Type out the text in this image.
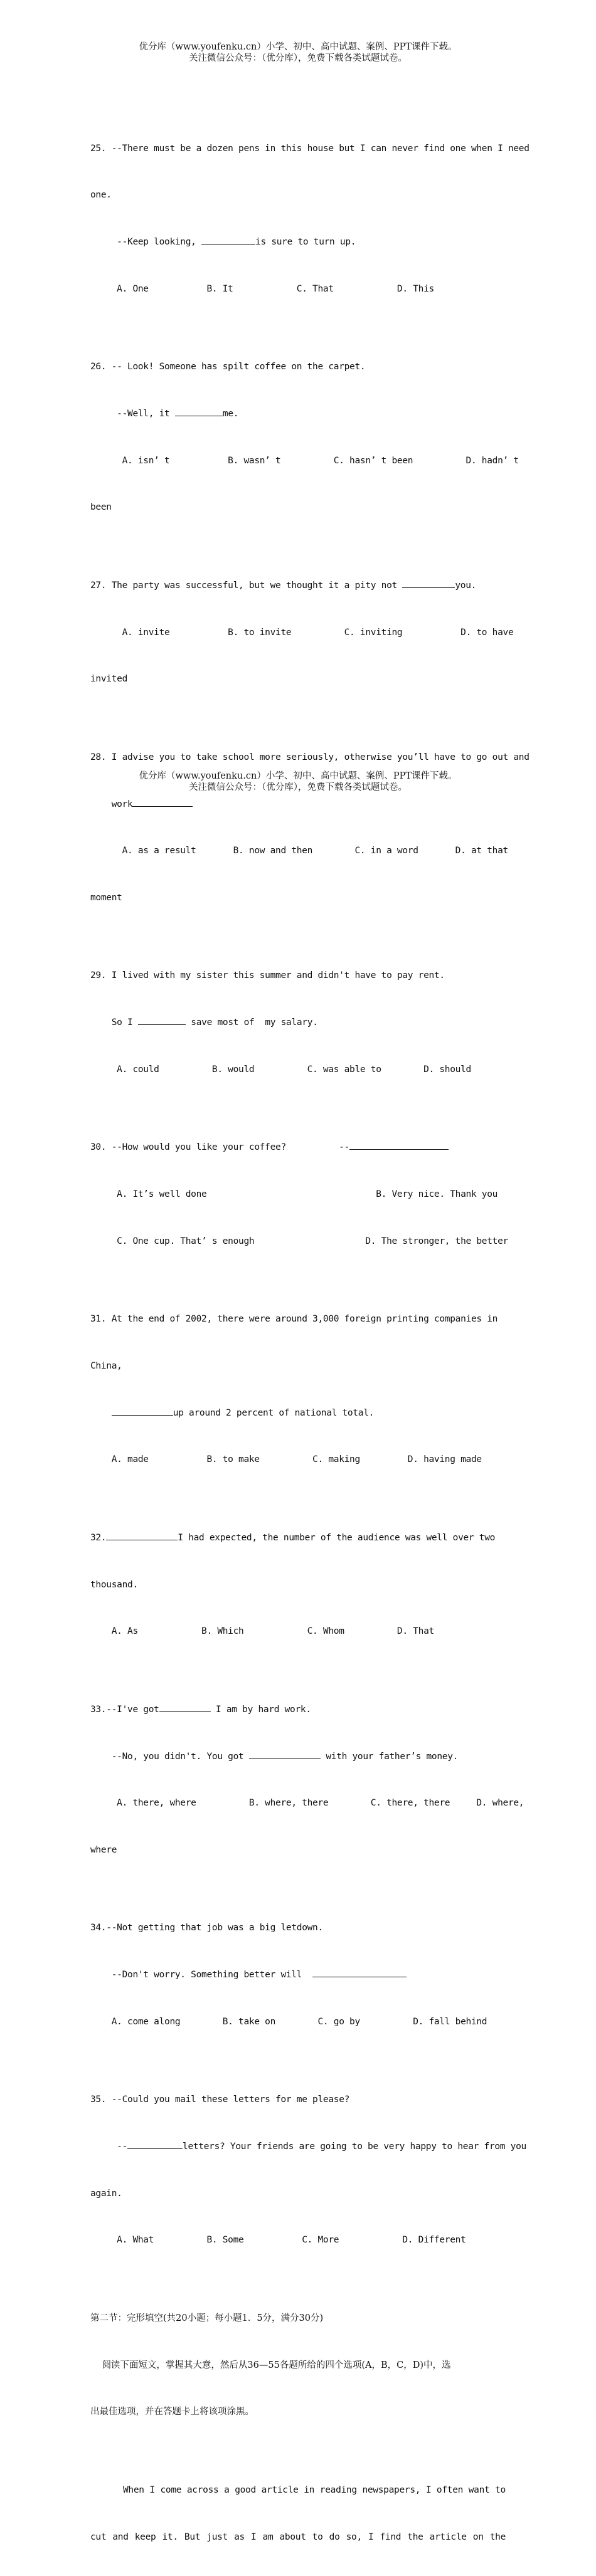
优分库（www.youfenku.cn）小学、初中、高中试题、案例、PPT课件下载。
关注微信公众号：（优分库），免费下载各类试题试卷。

25. --There must be a dozen pens in this house but I can never find one when I need

one.

--Keep looking,	is sure to turn up.

A. One           B. It            C. That            D. This

26. -- Look! Someone has spilt coffee on the carpet.

--Well, it	me.

A. isn’ t           B. wasn’ t          C. hasn’ t been          D. hadn’ t

been

27. The party was successful, but we thought it a pity not	you.

A. invite           B. to invite          C. inviting           D. to have

invited

28. I advise you to take school more seriously, otherwise you’ll have to go out and

work

A. as a result       B. now and then        C. in a word       D. at that

moment

29. I lived with my sister this summer and didn't have to pay rent.

So I	save most of  my salary.

A. could          B. would          C. was able to        D. should

30. --How would you like your coffee?          --

A. It’s well done                                B. Very nice. Thank you

C. One cup. That’ s enough                     D. The stronger, the better

31. At the end of 2002, there were around 3,000 foreign printing companies in

China,

up around 2 percent of national total.

A. made           B. to make          C. making         D. having made

32.	I had expected, the number of the audience was well over two

thousand.

A. As            B. Which            C. Whom          D. That

33.--I've got	I am by hard work.

--No, you didn't. You got	with your father’s money.

A. there, where          B. where, there        C. there, there     D. where,

where

34.--Not getting that job was a big letdown.

--Don't worry. Something better will

A. come along        B. take on        C. go by          D. fall behind

35. --Could you mail these letters for me please?

--	letters? Your friends are going to be very happy to hear from you

again.

A. What          B. Some           C. More            D. Different

第二节：完形填空(共20小题；每小题1．5分，满分30分)

阅读下面短文，掌握其大意，然后从36—55各题所给的四个选项(A，B，C，D)中，选

出最佳选项，并在答题卡上将该项涂黑。

When I come across a good article in reading newspapers, I often want to

cut and keep it. But just as I am about to do so, I find the article on the

优分库（www.youfenku.cn）小学、初中、高中试题、案例、PPT课件下载。
关注微信公众号：（优分库），免费下载各类试题试卷。
